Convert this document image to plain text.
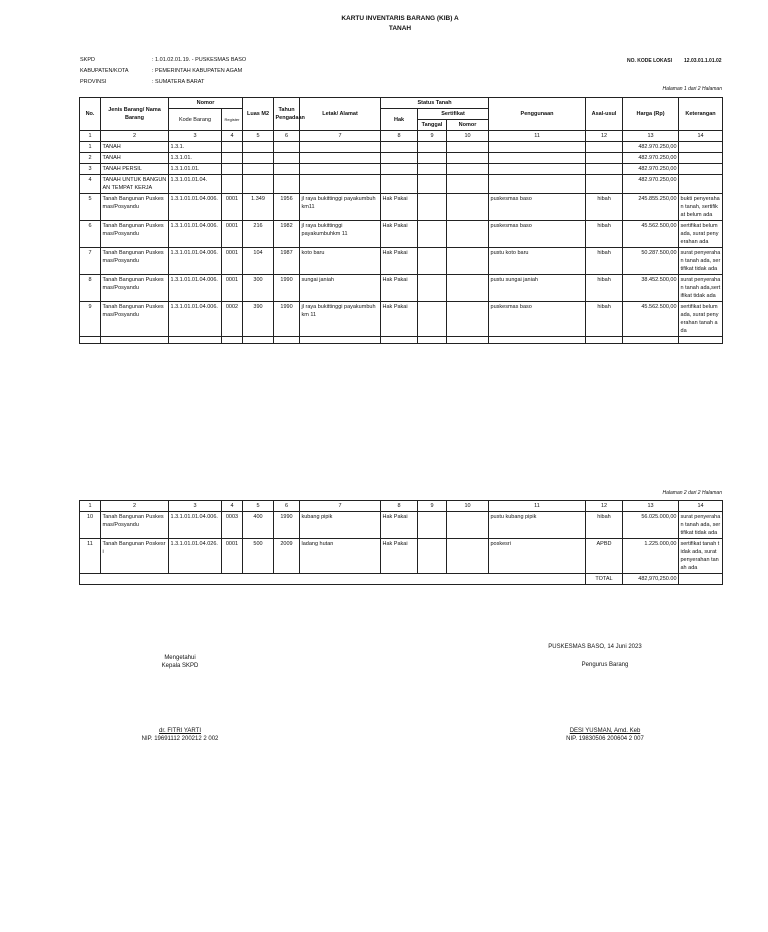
KARTU INVENTARIS BARANG (KIB) A
TANAH
SKPD	: 1.01.02.01.19. - PUSKESMAS BASO
KABUPATEN/KOTA	: PEMERINTAH KABUPATEN AGAM
PROVINSI	: SUMATERA BARAT
NO. KODE LOKASI 12.03.01.1.01.02
Halaman 1 dari 2 Halaman
No.	Jenis Barang/ Nama Barang	Nomor		Luas M2	Tahun Pengadaan	Letak/ Alamat	Status Tanah			Penggunaan	Asal-usul	Harga (Rp)	Keterangan
		Kode Barang	Register				Hak	Sertifikat					
								Tanggal	Nomor				
1	2	3	4	5	6	7	8	9	10	11	12	13	14
1	TANAH	1.3.1.										482.970.250,00	
2	TANAH	1.3.1.01.										482.970.250,00	
3	TANAH PERSIL	1.3.1.01.01.										482.970.250,00	
4	TANAH UNTUK BANGUNAN TEMPAT KERJA	1.3.1.01.01.04.										482.970.250,00	
5	Tanah Bangunan Puskesmas/Posyandu	1.3.1.01.01.04.006.	0001	1.349	1956	jl raya bukittinggi payakumbuh km11	Hak Pakai			puskesmas baso	hibah	245.855.250,00	bukti penyerahan tanah, sertifikat belum ada
6	Tanah Bangunan Puskesmas/Posyandu	1.3.1.01.01.04.006.	0001	216	1982	jl raya bukittinggi payakumbuhkm 11	Hak Pakai			puskesmas baso	hibah	45.562.500,00	sertifikat belum ada, surat penyerahan ada
7	Tanah Bangunan Puskesmas/Posyandu	1.3.1.01.01.04.006.	0001	104	1987	koto baru	Hak Pakai			pustu koto baru	hibah	50.287.500,00	surat penyerahan tanah ada, sertifikat tidak ada
8	Tanah Bangunan Puskesmas/Posyandu	1.3.1.01.01.04.006.	0001	300	1990	sungai janiah	Hak Pakai			pustu sungai janiah	hibah	38.452.500,00	surat penyerahan tanah ada,sertifikat tidak ada
9	Tanah Bangunan Puskesmas/Posyandu	1.3.1.01.01.04.006.	0002	390	1990	jl raya bukittinggi payakumbuh km 11	Hak Pakai			puskesmas baso	hibah	45.562.500,00	sertifikat belum ada, surat penyerahan tanah ada

Halaman 2 dari 2 Halaman
1	2	3	4	5	6	7	8	9	10	11	12	13	14
10	Tanah Bangunan Puskesmas/Posyandu	1.3.1.01.01.04.006.	0003	400	1990	kubang pipik	Hak Pakai			pustu kubang pipik	hibah	56.025.000,00	surat penyerahan tanah ada, sertifikat tidak ada
11	Tanah Bangunan Poskesri	1.3.1.01.01.04.026.	0001	500	2009	ladang hutan	Hak Pakai			poskesri	APBD	1.225.000,00	sertifikat tanah tidak ada, surat penyerahan tanah ada
											TOTAL	482,970,250.00	
PUSKESMAS BASO, 14 Juni 2023
Mengetahui
Kepala SKPD	Pengurus Barang
dr. FITRI YARTI
NIP. 19691112 200212 2 002
DESI YUSMAN, Amd. Keb
NIP. 19830506 200604 2 007
